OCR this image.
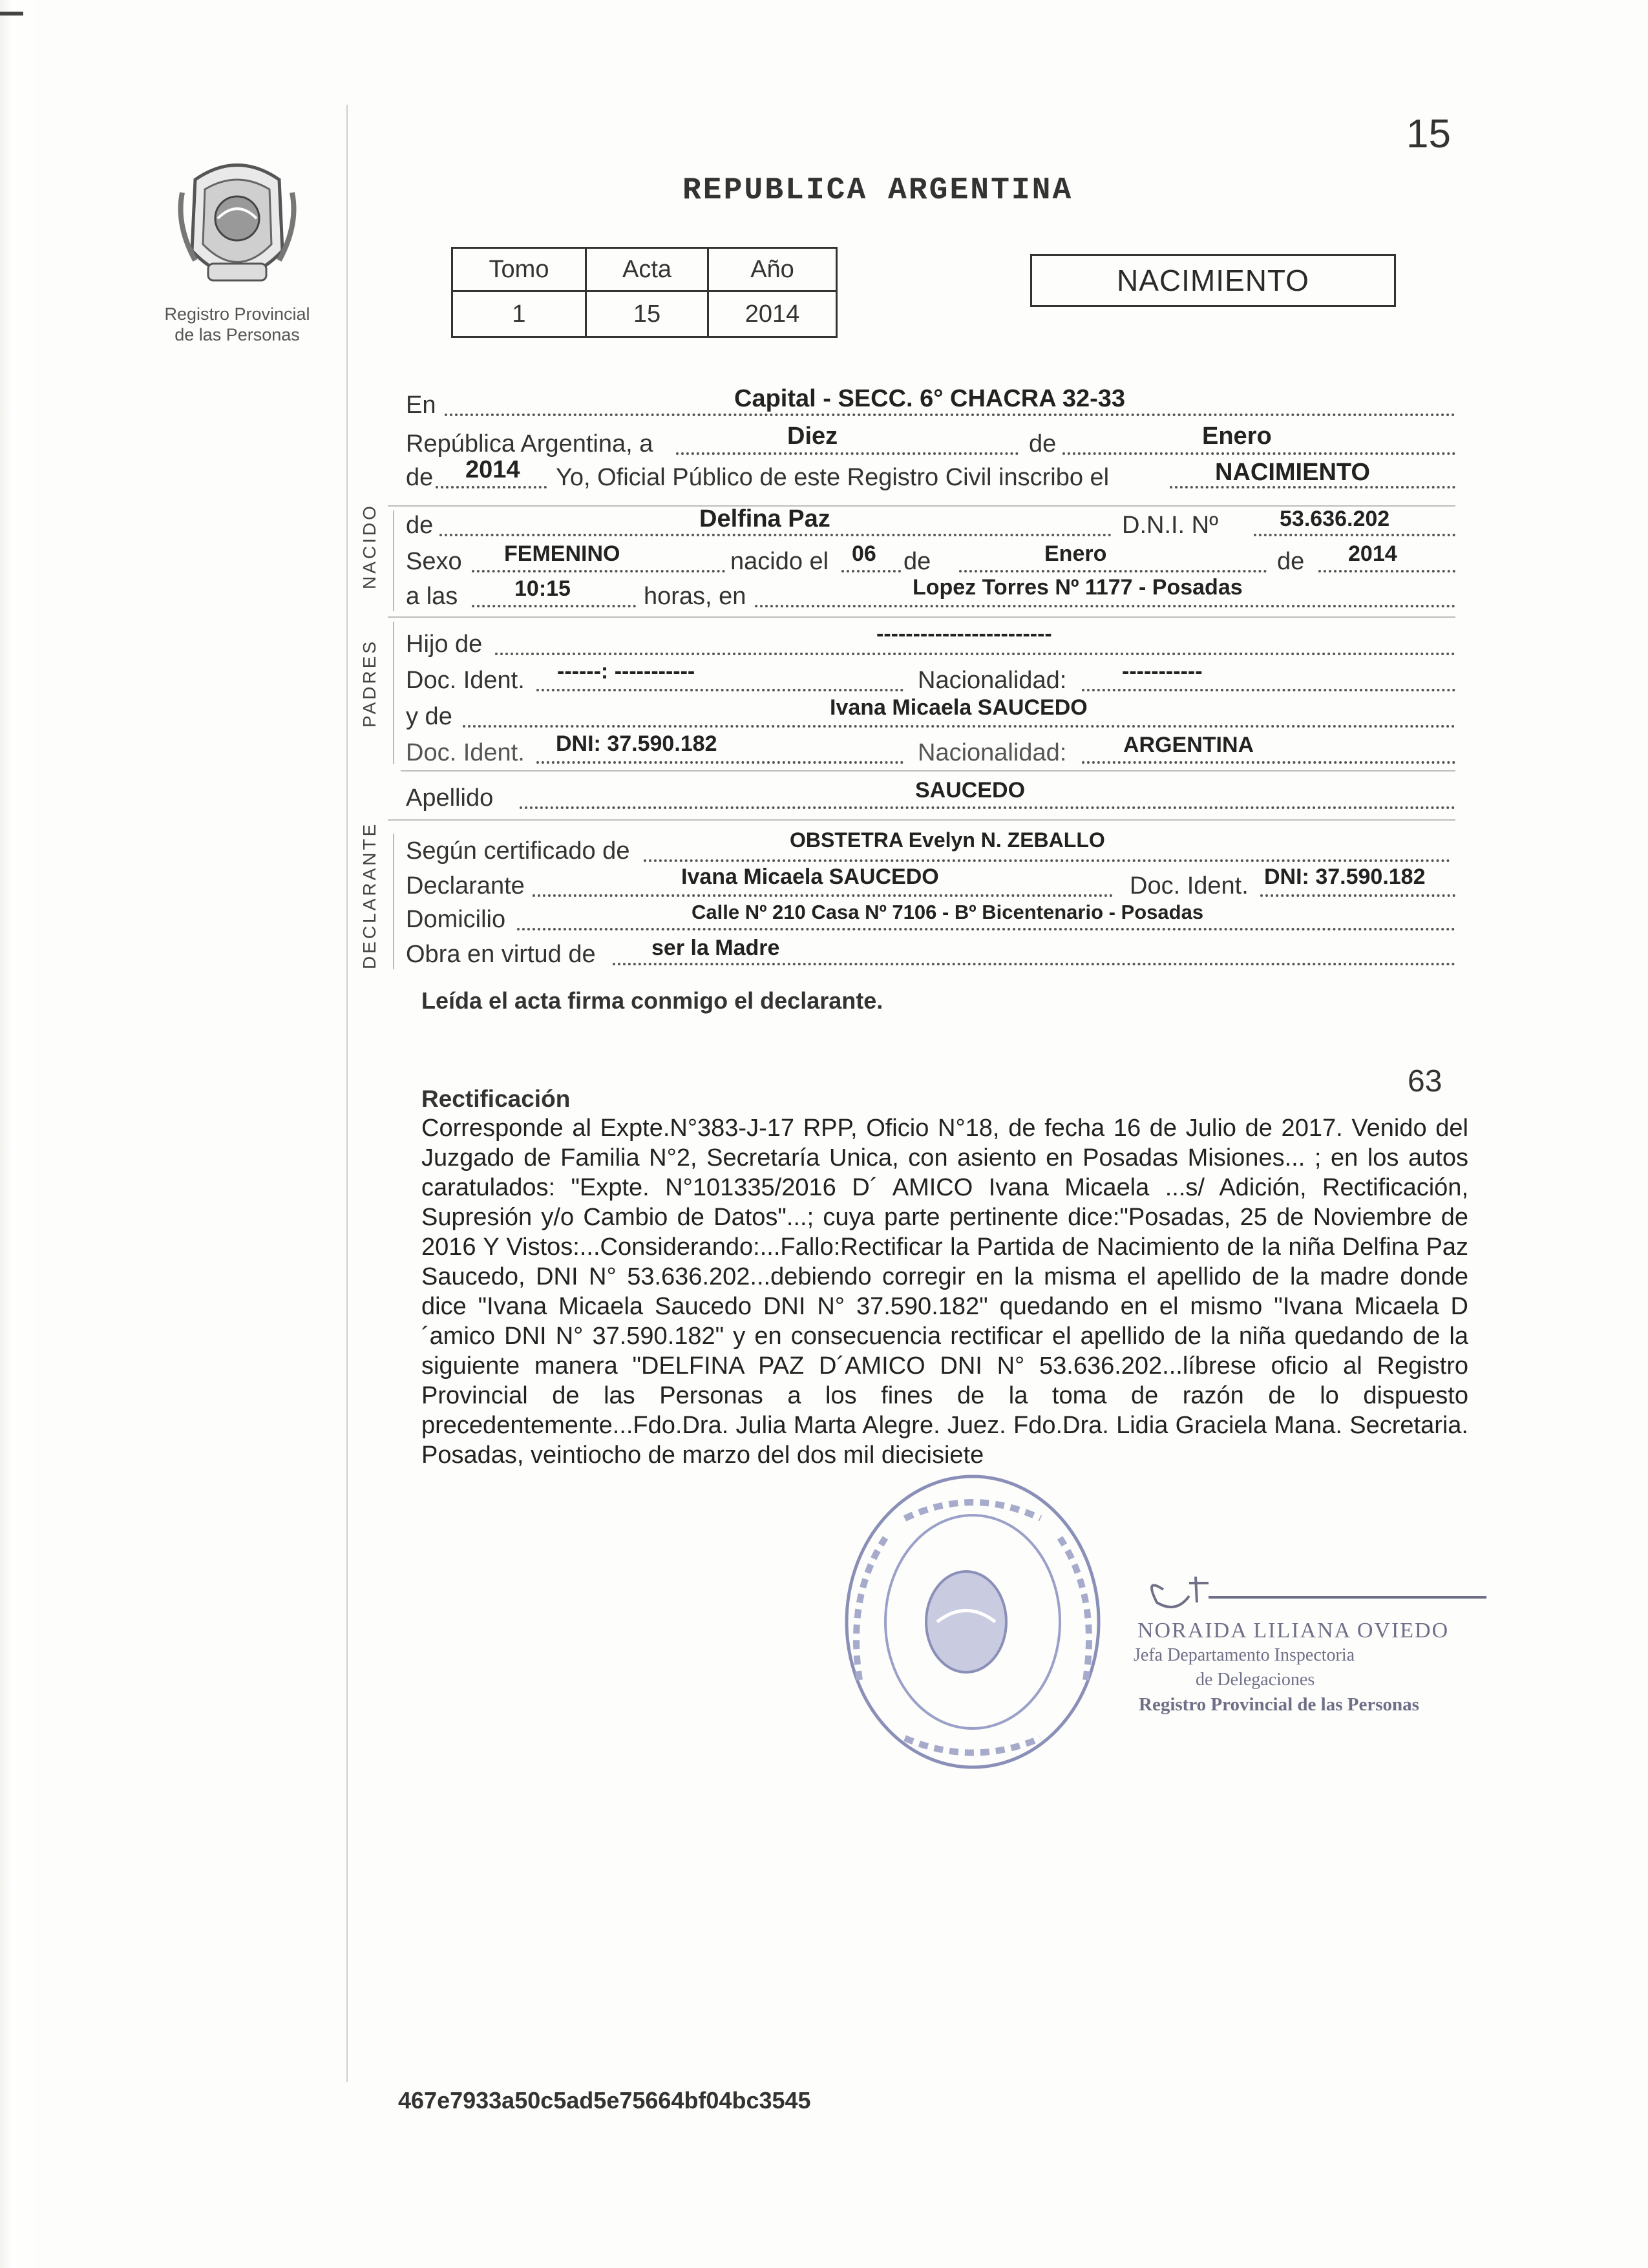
15
Registro Provincial
de las Personas
REPUBLICA ARGENTINA
Tomo	Acta	Año
1	15	2014
NACIMIENTO
En	Capital - SECC. 6° CHACRA 32-33
República Argentina, a	Diez	de	Enero
de 2014 Yo, Oficial Público de este Registro Civil inscribo el	NACIMIENTO
NACIDO de	Delfina Paz	D.N.I. Nº	53.636.202
Sexo FEMENINO	nacido el 06 de	Enero	de 2014
a las	10:15	horas, en	Lopez Torres Nº 1177 - Posadas
PADRES Hijo de	------------------------
Doc. Ident. ------: -----------	Nacionalidad:	-----------
y de	Ivana Micaela SAUCEDO
Doc. Ident. DNI: 37.590.182	Nacionalidad:	ARGENTINA
Apellido	SAUCEDO
DECLARANTE Según certificado de	OBSTETRA Evelyn N. ZEBALLO
Declarante	Ivana Micaela SAUCEDO	Doc. Ident. DNI: 37.590.182
Domicilio	Calle Nº 210 Casa Nº 7106 - Bº Bicentenario - Posadas
Obra en virtud de	ser la Madre
Leída el acta firma conmigo el declarante.
63
Rectificación
Corresponde al Expte.N°383-J-17 RPP, Oficio N°18, de fecha 16 de Julio de 2017. Venido del Juzgado de Familia N°2, Secretaría Unica, con asiento en Posadas Misiones... ; en los autos caratulados: "Expte. N°101335/2016 D´ AMICO Ivana Micaela ...s/ Adición, Rectificación, Supresión y/o Cambio de Datos"...; cuya parte pertinente dice:"Posadas, 25 de Noviembre de 2016 Y Vistos:...Considerando:...Fallo:Rectificar la Partida de Nacimiento de la niña Delfina Paz Saucedo, DNI N° 53.636.202...debiendo corregir en la misma el apellido de la madre donde dice "Ivana Micaela Saucedo DNI N° 37.590.182" quedando en el mismo "Ivana Micaela D´amico DNI N° 37.590.182" y en consecuencia rectificar el apellido de la niña quedando de la siguiente manera "DELFINA PAZ D´AMICO DNI N° 53.636.202...líbrese oficio al Registro Provincial de las Personas a los fines de la toma de razón de lo dispuesto precedentemente...Fdo.Dra. Julia Marta Alegre. Juez. Fdo.Dra. Lidia Graciela Mana. Secretaria. Posadas, veintiocho de marzo del dos mil diecisiete
NORAIDA LILIANA OVIEDO
Jefa Departamento Inspectoria
de Delegaciones
Registro Provincial de las Personas
467e7933a50c5ad5e75664bf04bc3545
